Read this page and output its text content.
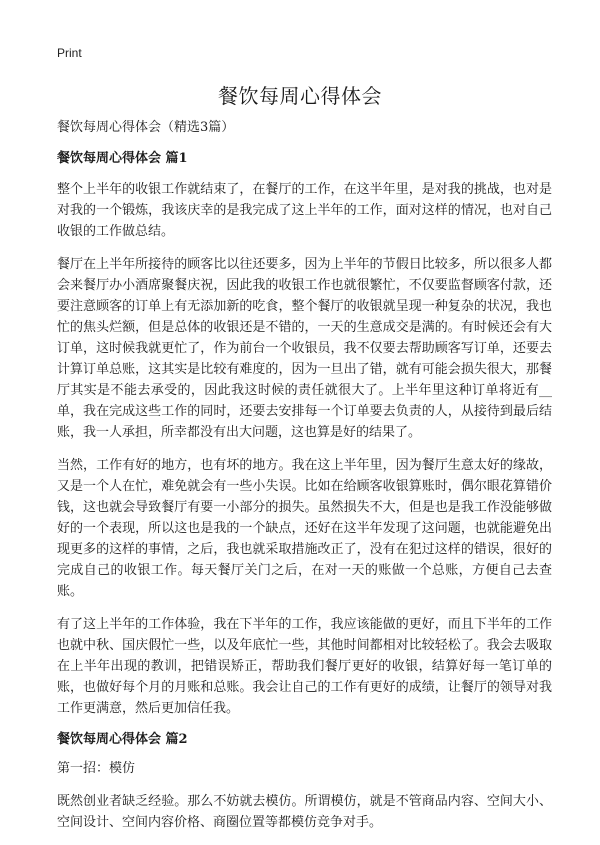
Print
餐饮每周心得体会
餐饮每周心得体会（精选3篇）
餐饮每周心得体会 篇1

整个上半年的收银工作就结束了，在餐厅的工作，在这半年里，是对我的挑战，也对是对我的一个锻炼，我该庆幸的是我完成了这上半年的工作，面对这样的情况，也对自己收银的工作做总结。

餐厅在上半年所接待的顾客比以往还要多，因为上半年的节假日比较多，所以很多人都会来餐厅办小酒席聚餐庆祝，因此我的收银工作也就很繁忙，不仅要监督顾客付款，还要注意顾客的订单上有无添加新的吃食，整个餐厅的收银就呈现一种复杂的状况，我也忙的焦头烂额，但是总体的收银还是不错的，一天的生意成交是满的。有时候还会有大订单，这时候我就更忙了，作为前台一个收银员，我不仅要去帮助顾客写订单，还要去计算订单总账，这其实是比较有难度的，因为一旦出了错，就有可能会损失很大，那餐厅其实是不能去承受的，因此我这时候的责任就很大了。上半年里这种订单将近有__单，我在完成这些工作的同时，还要去安排每一个订单要去负责的人，从接待到最后结账，我一人承担，所幸都没有出大问题，这也算是好的结果了。

当然，工作有好的地方，也有坏的地方。我在这上半年里，因为餐厅生意太好的缘故，又是一个人在忙，难免就会有一些小失误。比如在给顾客收银算账时，偶尔眼花算错价钱，这也就会导致餐厅有要一小部分的损失。虽然损失不大，但是也是我工作没能够做好的一个表现，所以这也是我的一个缺点，还好在这半年发现了这问题，也就能避免出现更多的这样的事情，之后，我也就采取措施改正了，没有在犯过这样的错误，很好的完成自己的收银工作。每天餐厅关门之后，在对一天的账做一个总账，方便自己去查账。

有了这上半年的工作体验，我在下半年的工作，我应该能做的更好，而且下半年的工作也就中秋、国庆假忙一些，以及年底忙一些，其他时间都相对比较轻松了。我会去吸取在上半年出现的教训，把错误矫正，帮助我们餐厅更好的收银，结算好每一笔订单的账，也做好每个月的月账和总账。我会让自己的工作有更好的成绩，让餐厅的领导对我工作更满意，然后更加信任我。

餐饮每周心得体会 篇2
第一招：模仿

既然创业者缺乏经验。那么不妨就去模仿。所谓模仿，就是不管商品内容、空间大小、空间设计、空间内容价格、商圈位置等都模仿竞争对手。
